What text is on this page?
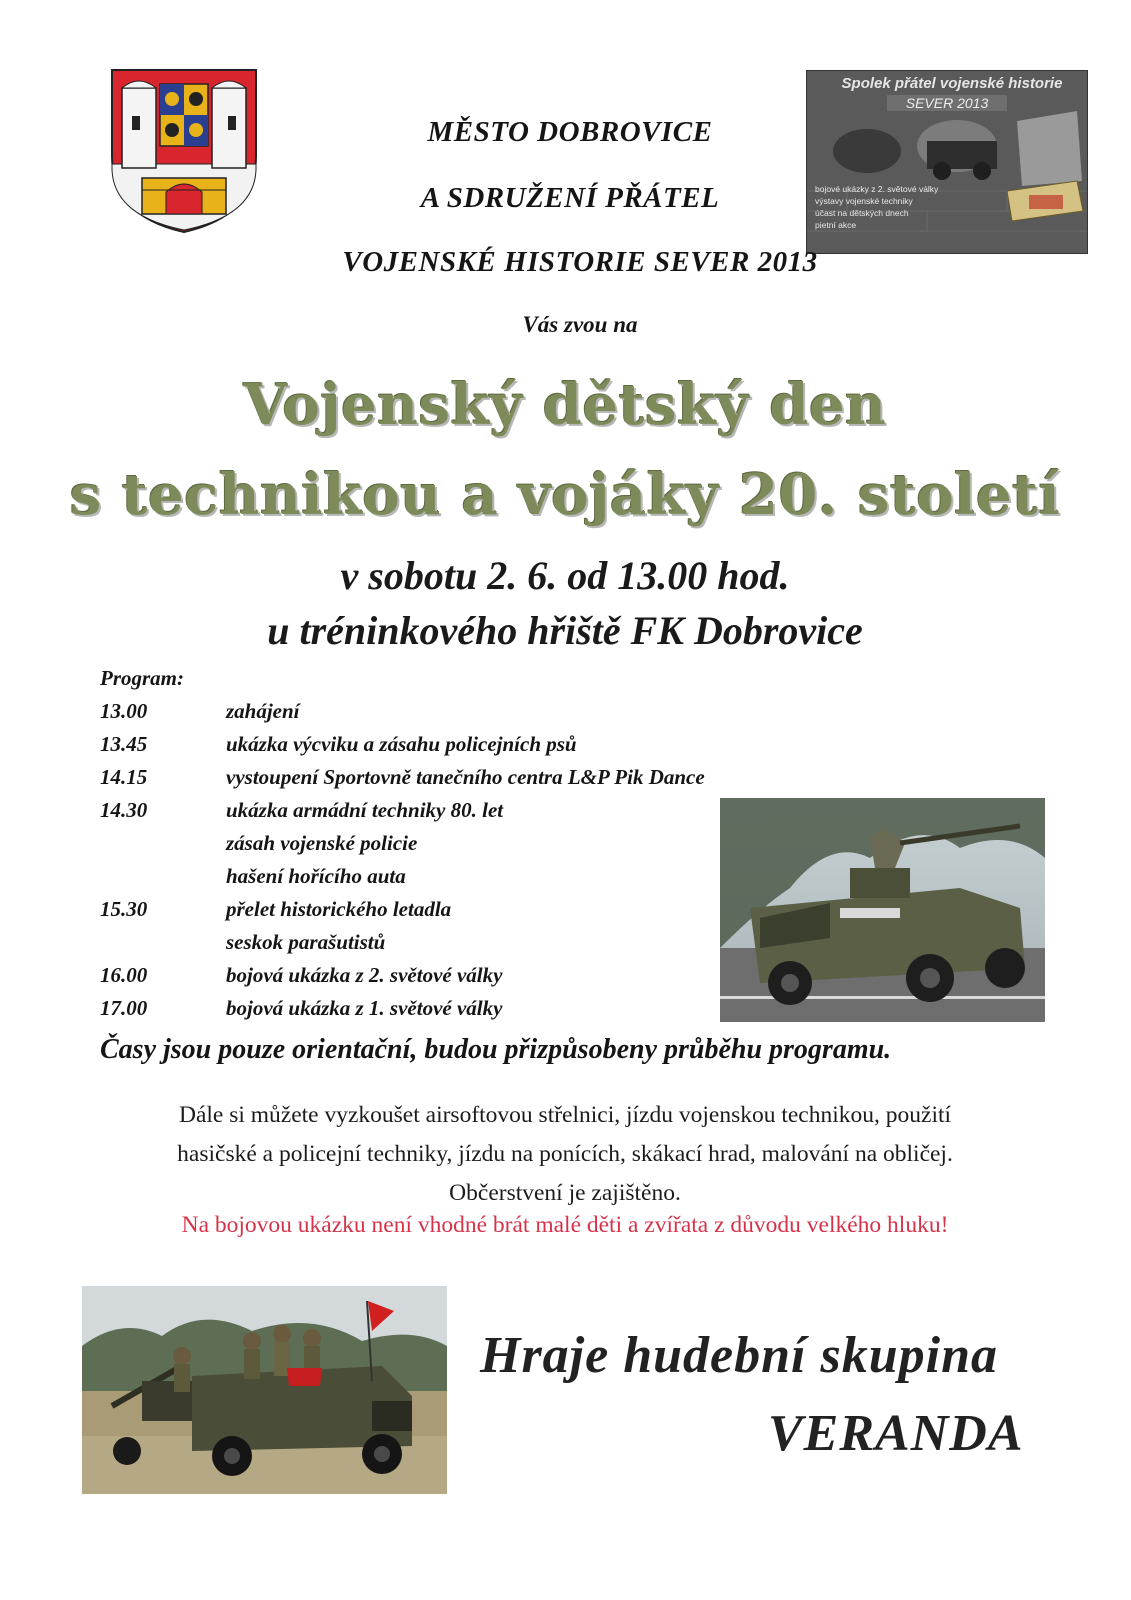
Spolek přátel vojenské historie
SEVER 2013
bojové ukázky z 2. světové války
výstavy vojenské techniky
účast na dětských dnech
pietní akce
MĚSTO DOBROVICE
A SDRUŽENÍ PŘÁTEL
VOJENSKÉ HISTORIE SEVER 2013
Vás zvou na
Vojenský dětský den
s technikou a vojáky 20. století
v sobotu 2. 6. od 13.00 hod.
u tréninkového hřiště FK Dobrovice
Program:
13.00	zahájení
13.45	ukázka výcviku a zásahu policejních psů
14.15	vystoupení Sportovně tanečního centra L&P Pik Dance
14.30	ukázka armádní techniky 80. let
zásah vojenské policie
hašení hořícího auta
15.30	přelet historického letadla
seskok parašutistů
16.00	bojová ukázka z 2. světové války
17.00	bojová ukázka z 1. světové války
Časy jsou pouze orientační, budou přizpůsobeny průběhu programu.
Dále si můžete vyzkoušet airsoftovou střelnici, jízdu vojenskou technikou, použití
hasičské a policejní techniky, jízdu na ponících, skákací hrad, malování na obličej.
Občerstvení je zajištěno.
Na bojovou ukázku není vhodné brát malé děti a zvířata z důvodu velkého hluku!
Hraje hudební skupina
VERANDA
